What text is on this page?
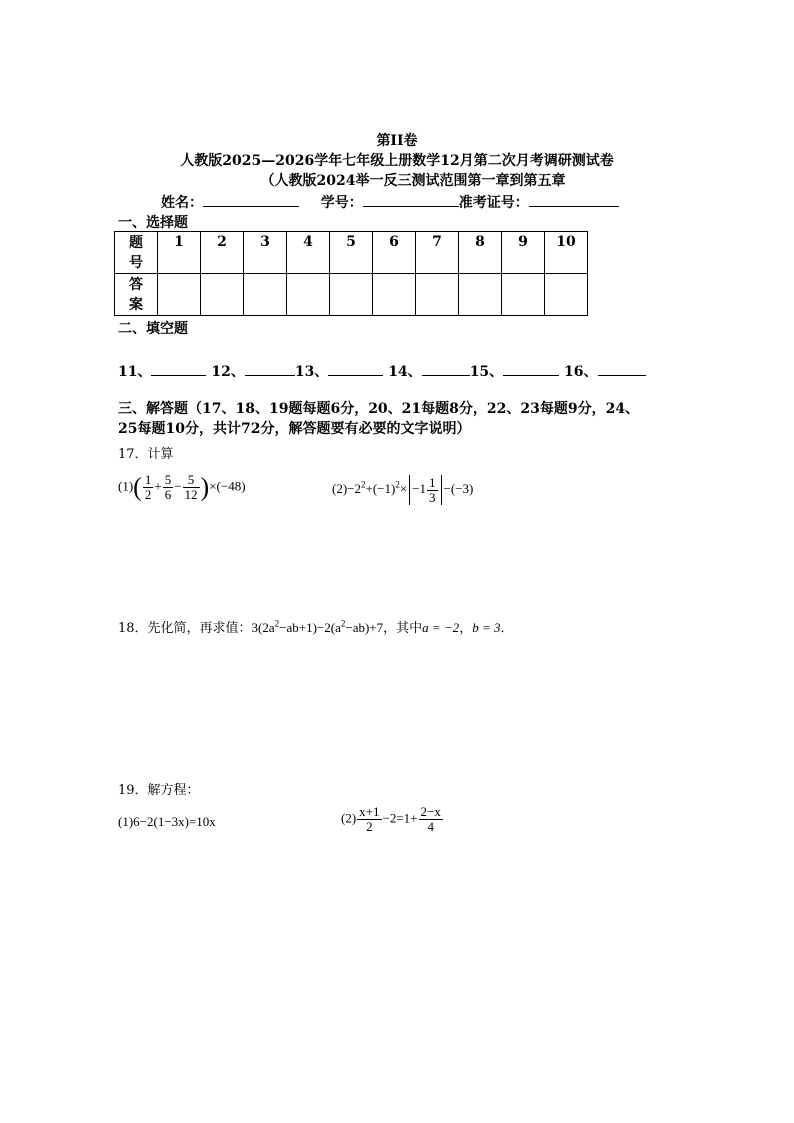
第II卷
人教版2025—2026学年七年级上册数学12月第二次月考调研测试卷
（人教版2024举一反三测试范围第一章到第五章
姓名：	学号：	准考证号：
一、选择题
题
号	1	2	3	4	5	6	7	8	9	10
答
案										
二、填空题
11、	12、	13、	14、	15、	16、
三、解答题（17、18、19题每题6分，20、21每题8分，22、23每题9分，24、
25每题10分，共计72分，解答题要有必要的文字说明）
17．计算
$(1)( \frac{1}{2} + \frac{5}{6} - \frac{5}{12} )\times(-48)$	$(2)-2^2+(-1)^2\times -1 \frac{1}{3} -(-3)$
18．先化简，再求值：$3(2a^2-ab+1)-2(a^2-ab)+7$，其中a = −2，b = 3．
19．解方程：
(1)6−2(1−3x)=10x	$(2) \frac{x+1}{2} -2=1+ \frac{2-x}{4}$
